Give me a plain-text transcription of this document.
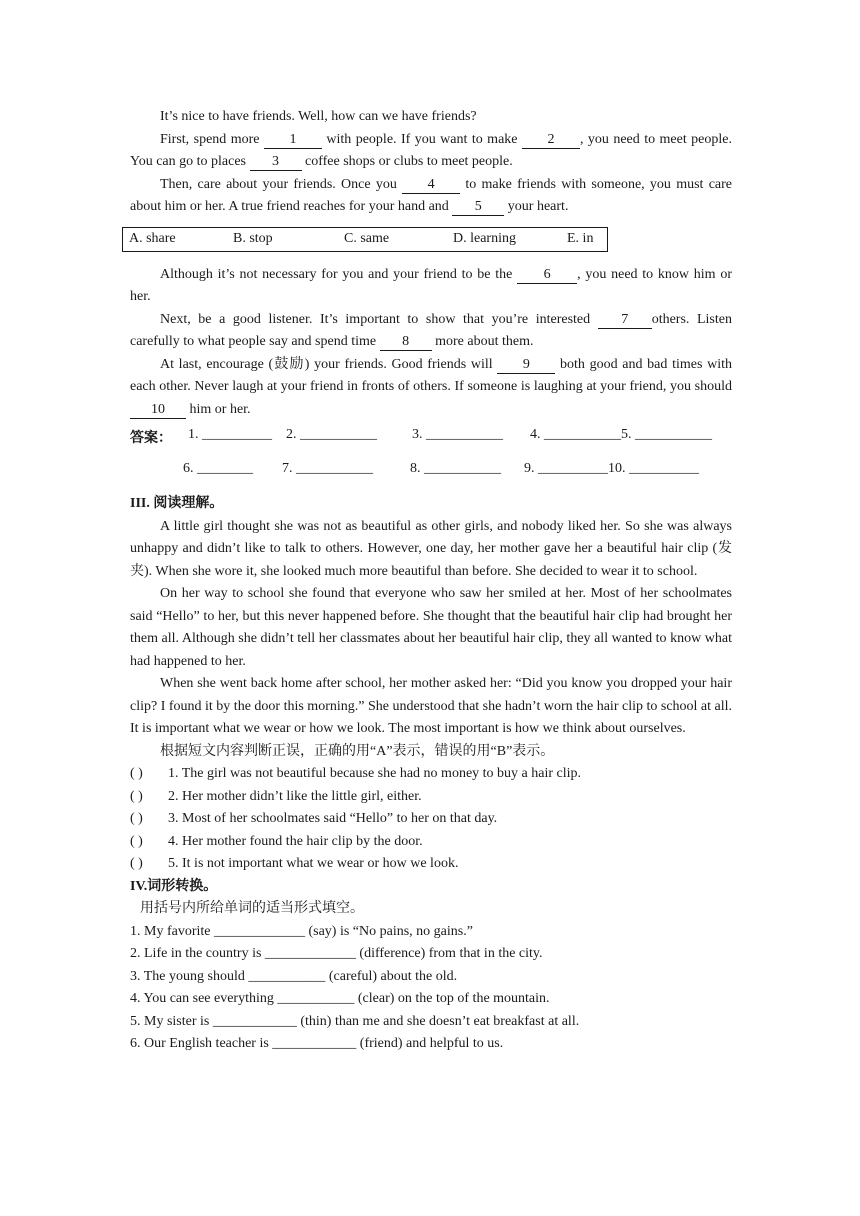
It’s nice to have friends. Well, how can we have friends?

First, spend more 1 with people. If you want to make 2 , you need to meet people. You can go to places 3 coffee shops or clubs to meet people.

Then, care about your friends. Once you 4 to make friends with someone, you must care about him or her. A true friend reaches for your hand and 5 your heart.

A. share	B. stop	C. same	D. learning	E. in

Although it’s not necessary for you and your friend to be the 6 , you need to know him or her.

Next, be a good listener. It’s important to show that you’re interested 7 others. Listen carefully to what people say and spend time 8 more about them.

At last, encourage (鼓励) your friends. Good friends will 9 both good and bad times with each other. Never laugh at your friend in fronts of others. If someone is laughing at your friend, you should 10 him or her.

答案： 1. __________ 2. ___________	3. ___________ 4. ___________5. ___________
6. ________ 7. ___________	8. ___________ 9. __________10. __________

III. 阅读理解。

A little girl thought she was not as beautiful as other girls, and nobody liked her. So she was always unhappy and didn’t like to talk to others. However, one day, her mother gave her a beautiful hair clip (发夹). When she wore it, she looked much more beautiful than before. She decided to wear it to school.

On her way to school she found that everyone who saw her smiled at her. Most of her schoolmates said “Hello” to her, but this never happened before. She thought that the beautiful hair clip had brought her them all. Although she didn’t tell her classmates about her beautiful hair clip, they all wanted to know what had happened to her.

When she went back home after school, her mother asked her: “Did you know you dropped your hair clip? I found it by the door this morning.” She understood that she hadn’t worn the hair clip to school at all. It is important what we wear or how we look. The most important is how we think about ourselves.

根据短文内容判断正误，正确的用“A”表示，错误的用“B”表示。

( ) 1. The girl was not beautiful because she had no money to buy a hair clip.
( ) 2. Her mother didn’t like the little girl, either.
( ) 3. Most of her schoolmates said “Hello” to her on that day.
( ) 4. Her mother found the hair clip by the door.
( ) 5. It is not important what we wear or how we look.

IV.词形转换。

用括号内所给单词的适当形式填空。

1. My favorite _____________ (say) is “No pains, no gains.”

2. Life in the country is _____________ (difference) from that in the city.

3. The young should ___________ (careful) about the old.

4. You can see everything ___________ (clear) on the top of the mountain.

5. My sister is ____________ (thin) than me and she doesn’t eat breakfast at all.

6. Our English teacher is ____________ (friend) and helpful to us.
